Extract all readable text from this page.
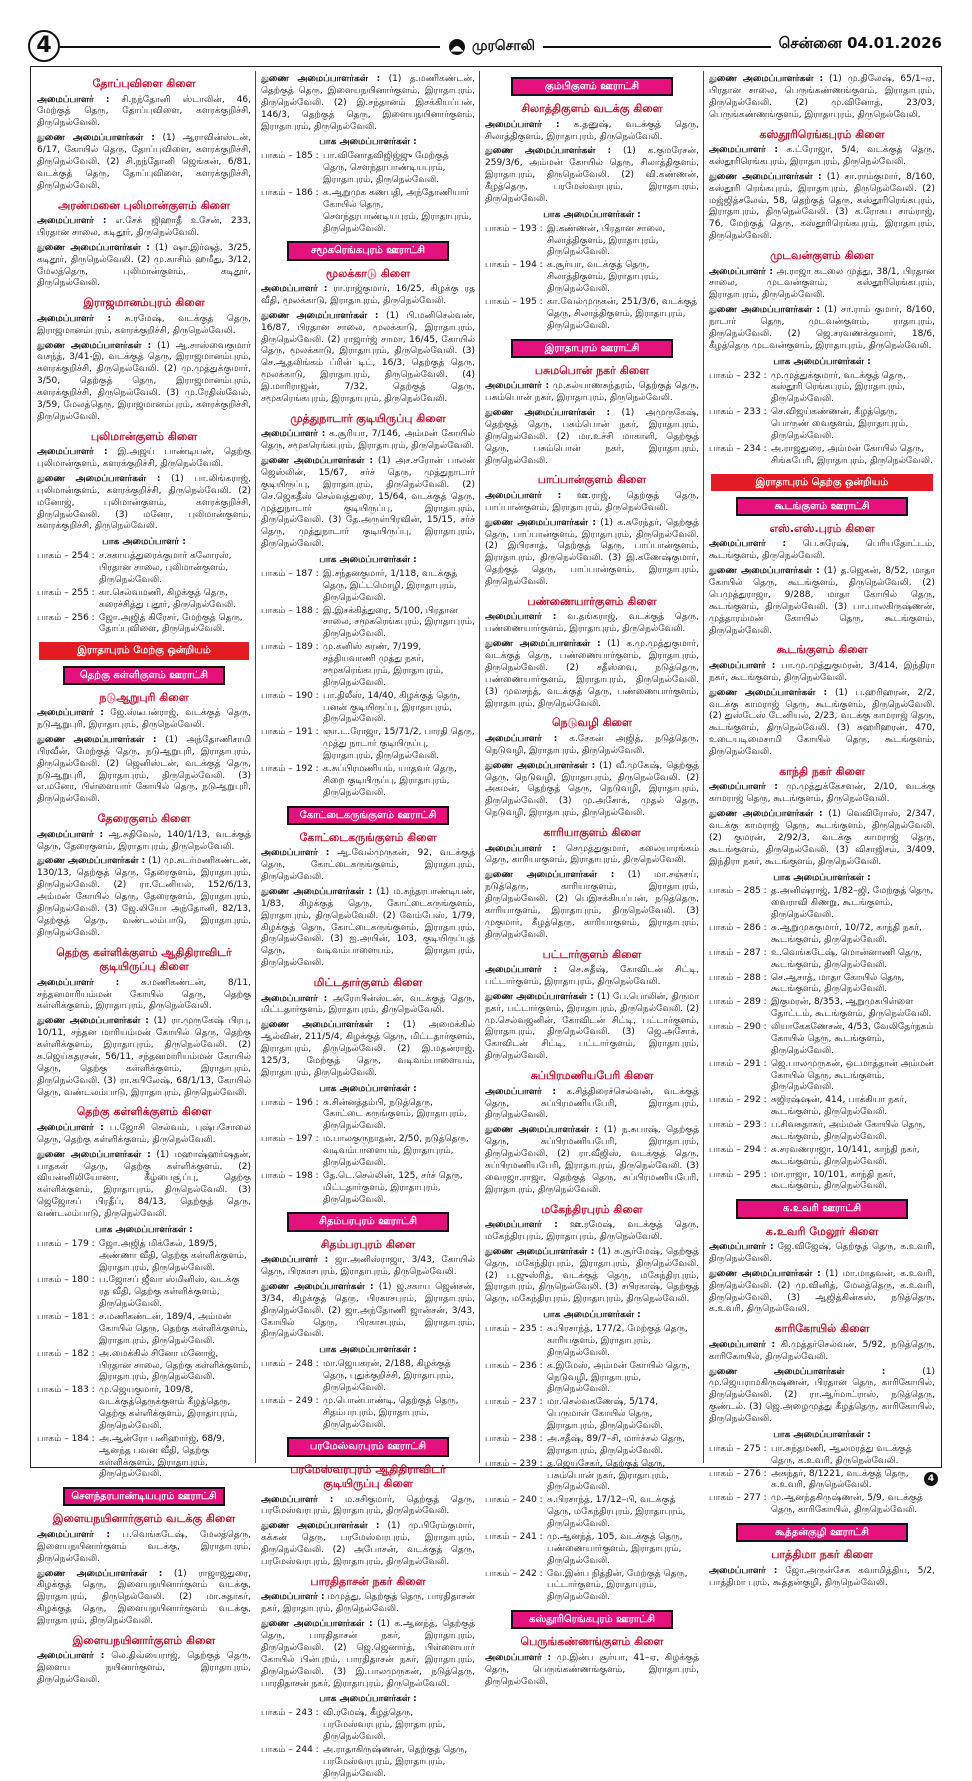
4	முரசொலி	சென்னை 04.01.2026
தோப்புவிளை கிளை

அமைப்பாளர் : சி.நந்தோனி ஸ்டாலின், 46, மேற்குத் தெரு, தோப்புவிளை, களரக்குறிச்சி, திருநெல்வேலி.

துணை அமைப்பாளர்கள் : (1) ஆராவின்ஸ்டன், 6/17, கோயில் தெரு, தோப்புவிளை, களரக்குறிச்சி, திருநெல்வேலி. (2) சி.நந்தோனி ஜெங்கன், 6/81, வடக்குத் தெரு, தோப்புவிளை, களரக்குறிச்சி, திருநெல்வேலி.

அரண்மனை புலிமான்குளம் கிளை

அமைப்பாளர் : எ.சேக் ஜிஹாதீ உசேன், 233, பிரதான சாலை, கடிதூர், திருநெல்வேலி.

துணை அமைப்பாளர்கள் : (1) ஷா.இர்ஷத், 3/25, கடிதூர், திருநெல்வேலி. (2) மு.காசிம் ஹமீது, 3/12, மேலத்தெரு, புலிமான்குளம், கடிதூர், திருநெல்வேலி.

இராஜமானம்புரம் கிளை

அமைப்பாளர் : சு.ரமேஷ், வடக்குத் தெரு, இராஜமானம்புரம், களரக்குறிச்சி, திருநெல்வேலி.

துணை அமைப்பாளர்கள் : (1) ஆ.சாஸ்வைகுமார் வசந்த், 3/41-இ, வடக்குத் தெரு, இராஜமானம்புரம், களரக்குறிச்சி, திருநெல்வேலி. (2) மு.முத்துக்குமார், 3/50, தெற்குத் தெரு, இராஜமானம்புரம், களரக்குறிச்சி, திருநெல்வேலி. (3) மு.ரேதிஸ்வேல், 3/59, மேலத்தெரு, இராஜமானம்புரம், களரக்குறிச்சி, திருநெல்வேலி.

புலிமான்குளம் கிளை

அமைப்பாளர் : இ.அஜய் பாண்டியன், தெற்கு புலிமான்குளம், களரக்குறிச்சி, திருநெல்வேலி.

துணை அமைப்பாளர்கள் : (1) பா.லிங்கராஜ், புலிமான்குளம், களரக்குறிச்சி, திருநெல்வேலி. (2) மனோஜ், புலிமான்குளம், களரக்குறிச்சி, திருநெல்வேலி. (3) மனோ, புலிமான்குளம், களரக்குறிச்சி, திருநெல்வேலி.

பாக அமைப்பாளர் :
பாகம் – 254 : ச.சகாயத்துரைக்குமார் கலோரஸ், பிரதான சாலை, புலிமான்குளம், திருநெல்வேலி.
பாகம் – 255 : கா.செல்வமணி, கிழக்குத் தெரு, கரைச்சித்து புதூர், திருநெல்வேலி.
பாகம் – 256 : ஜோ.அஜித் கிரேசர், மேற்குத் தெரு, தோப்புவிளை, திருநெல்வேலி.
இராதாபுரம் மேற்கு ஒன்றியம்
தெற்கு கள்ளிகுளம் ஊராட்சி
நடுஆறுபுரி கிளை

அமைப்பாளர் : ஜே.ஸ்டீபன்ராஜ், வடக்குத் தெரு, நடுஆறுபுரி, இராதாபுரம், திருநெல்வேலி.

துணை அமைப்பாளர்கள் : (1) அந்தோணிசாமி பிரவீன், மேற்குத் தெரு, நடுஆறுபுரி, இராதாபுரம், திருநெல்வேலி. (2) ஜெனிஸ்டன், வடக்குத் தெரு, நடுஆறுபுரி, இராதாபுரம், திருநெல்வேலி. (3) எ.மனோ, பிள்ளையார் கோயில் தெரு, நடுஆறுபுரி, திருநெல்வேலி.

தேரைகுளம் கிளை

அமைப்பாளர் : ஆ.சுதிவேல், 140/1/13, வடக்குத் தெரு, தேரைகுளம், இராதாபுரம், திருநெல்வேலி.

துணை அமைப்பாளர்கள் : (1) மு.சுடர்மணிகண்டன், 130/13, தெற்குத் தெரு, தேரைகுளம், இராதாபுரம், திருநெல்வேலி. (2) ரா.டேனியல், 152/6/13, அம்மன் கோயில் தெரு, தேரைகுளம், இராதாபுரம், திருநெல்வேலி. (3) ஜே.லியோ அந்தோனி, 82/13, தெற்குத் தெரு, வண்டலம்பாடு, இராதாபுரம், திருநெல்வேலி.

தெற்கு கள்ளிக்குளம் ஆதிதிராவிடர் குடியிருப்பு கிளை

அமைப்பாளர் : சு.மணிகண்டன், 8/11, சந்தனமாரியம்மன் கோயில் தெரு, தெற்கு கள்ளிக்குளம், இராதாபுரம், திருநெல்வேலி.

துணை அமைப்பாளர்கள் : (1) ரா.முருகேஷ் பிரபு, 10/11, சந்தன மாரியம்மன் கோயில் தெரு, தெற்கு கள்ளிக்குளம், இராதாபுரம், திருநெல்வேலி. (2) க.ஜெய்கதரசன், 56/11, சந்தனமாரியம்மன் கோயில் தெரு, தெற்கு கள்ளிக்குளம், இராதாபுரம், திருநெல்வேலி. (3) ரா.கபிலேஷ், 68/1/13, கோயில் தெரு, வண்டலம்பாடு, இராதாபுரம், திருநெல்வேலி.

தெற்கு கள்ளிக்குளம் கிளை

அமைப்பாளர் : ப.ஜோசி செல்வம், புஷ்பசோலை தெரு, தெற்கு கள்ளிக்குளம், திருநெல்வேலி.

துணை அமைப்பாளர்கள் : (1) மஹாஷ்ஹர்ஷதன், பாதகள் தெரு, தெற்கு கள்ளிக்குளம். (2) வியன்னிலியோனா, கீழ்பைசூ்ப்பு, தெற்கு கள்ளிக்குளம், இராதாபுரம், திருநெல்வேலி. (3) ஜெஜோசப் பிரதீப், 84/13, தெற்குத் தெரு, வண்டலம்பாடு, திருநெல்வேலி.

பாக அமைப்பாளர்கள் :
பாகம் – 179 : ஜோ.அஜித் மிக்கேல், 189/5, அண்ணா வீதி, தெற்கு கள்ளிக்குளம், இராதாபுரம், திருநெல்வேலி.
பாகம் – 180 : ப.ஜோசப் ஜீவா ஸ்மினிஸ், வடக்கு ரத வீதி, தெற்கு கள்ளிக்குளம், திருநெல்வேலி.
பாகம் – 181 : ச.மணிகண்டன், 189/4, அம்மன் கோயில் தெரு, தெற்கு கள்ளிக்குளம், இராதாபுரம், திருநெல்வேலி.
பாகம் – 182 : அ.மைக்கில் சினோ மனோஜ், பிரதான சாலை, தெற்கு கள்ளிக்குளம், இராதாபுரம், திருநெல்வேலி.
பாகம் – 183 : மு.ஜெயகுமார், 109/8, வடக்குத்தெருக்குளம் கீழத்தெரு, தெற்கு கள்ளிக்குளம், இராதாபுரம், திருநெல்வேலி.
பாகம் – 184 : அ.ஆன்ரோ பனிஹார்ஜ், 68/9, ஆனந்த பவன வீதி, தெற்கு கள்ளிக்குளம், இராதாபுரம், திருநெல்வேலி.
சௌந்தரபாண்டியபுரம் ஊராட்சி
இளையநயினார்குளம் வடக்கு கிளை

அமைப்பாளர் : ப.வெங்கடேஷ், மேலத்தெரு, இளையநயினார்குளம் வடக்கு, இராதாபுரம், திருநெல்வேலி.

துணை அமைப்பாளர்கள் : (1) ராஜாஜதுரை, கிழக்குத் தெரு, இளையநயினார்குளம் வடக்கு, இராதாபுரம், திருநெல்வேலி. (2) மா.சுதாகர், கிழக்குத் தெரு, இளையநயினார்குளம் வடக்கு, இராதாபுரம், திருநெல்வேலி.

இளையநயினார்குளம் கிளை

அமைப்பாளர் : லெ.திவ்யைராஜ், தெற்குத் தெரு, இளைய நயினார்குளம், இராதாபுரம், திருநெல்வேலி.

துணை அமைப்பாளர்கள் : (1) த.மணிகண்டன், தெற்குத் தெரு, இளையநயினார்குளம், இராதாபுரம், திருநெல்வேலி. (2) இ.சந்தானம் இசக்கியப்பன், 146/3, தெற்குத் தெரு, இளையநயினார்குளம், இராதாபுரம், திருநெல்வேலி.

பாக அமைப்பாளர்கள் :
பாகம் – 185 : பா.வினோதவிஜிஜ்ஜு மேற்குத் தெரு, சௌந்தரபாண்டியபுரம், இராதாபுரம், திருநெல்வேலி.
பாகம் – 186 : க.ஆறுமுக கணபதி, அந்தோணியார் கோயில் தெரு, சௌந்தரபாண்டியபுரம், இராதாபுரம், திருநெல்வேலி.
சமூகரெங்கபுரம் ஊராட்சி
மூலக்காடு கிளை

அமைப்பாளர் : ரா.ராஜ்குமார், 16/25, கிழக்கு ரத வீதி, மூலக்காடு, இராதாபுரம், திருநெல்வேலி.

துணை அமைப்பாளர்கள் : (1) பி.மனிசெல்வன், 16/87, பிரதான சாலை, மூலக்காடு, இராதாபுரம், திருநெல்வேலி. (2) ராஜார்ஜ் சாமா, 16/45, கோயில் தெரு, மூலக்காடு, இராதாபுரம், திருநெல்வேலி. (3) செ.ஆதலிங்கம் ப்ரின் டிட், 16/3, தெற்குத் தெரு, மூலக்காடு, இராதாபுரம், திருநெல்வேலி. (4) இ.மாரிராஜன், 7/32, தெற்குத் தெரு, சமூகரெங்கபுரம், இராதாபுரம், திருநெல்வேலி.

முத்துநாடார் குடியிருப்பு கிளை

அமைப்பாளர் : க.சூரியா, 7/146, அம்மன் கோயில் தெரு, சமூகரெங்கபுரம், இராதாபுரம், திருநெல்வேலி.

துணை அமைப்பாளர்கள் : (1) அச.சரோன் பாலன் ஜெஸ்லின், 15/67, சர்ச் தெரு, முத்துநாடார் குடியிருப்பு, இராதாபுரம், திருநெல்வேலி. (2) செ.ஜெகதீஸ் செல்வத்துரை, 15/64, வடக்குத் தெரு, முத்துநாடார் குடியிருப்பு, இராதாபுரம், திருநெல்வேலி. (3) தே.அருள்பிரவின், 15/15, சர்ச் தெரு, முத்துநாடார் குடியிருப்பு, இராதாபுரம், திருநெல்வேலி.

பாக அமைப்பாளர்கள் :
பாகம் – 187 : இ.சந்தனகுமார், 1/118, வடக்குத் தெரு, இட்டமொழி, இராதாபுரம், திருநெல்வேலி.
பாகம் – 188 : இ.இசக்கித்துரை, 5/100, பிரதான சாலை, சமூகரெங்கபுரம், இராதாபுரம், திருநெல்வேலி.
பாகம் – 189 : மு.கனிஸ் கரண், 7/199, சத்தியவாணி முத்து நகர், சமூகரெங்கபுரம், இராதாபுரம், திருநெல்வேலி.
பாகம் – 190 : பா.திலீஸ், 14/40, கிழக்குத் தெரு, பனன் குடியிருப்பு, இராதாபுரம், திருநெல்வேலி.
பாகம் – 191 : ஞா.ட.ரோஜா, 15/71/2, பாரதி தெரு, முத்து நாடார் குடியிருப்பு, இராதாபுரம், திருநெல்வேலி.
பாகம் – 192 : க.சுப்பிரமணியம், யாதவர் தெரு, சிறை குடியிருப்பு, இராதாபுரம், திருநெல்வேலி.
கோட்டைகருங்குளம் ஊராட்சி
கோட்டைகருங்குளம் கிளை

அமைப்பாளர் : ஆ.வேல்முருகன், 92, வடக்குத் தெரு, கோட்டைகருங்குளம், இராதாபுரம், திருநெல்வேலி.

துணை அமைப்பாளர்கள் : (1) ம.சுந்தரபாண்டியன், 1/83, கிழக்குத் தெரு, கோட்டைகருங்குளம், இராதாபுரம், திருநெல்வேலி. (2) வேம்பேஸ், 1/79, கிழக்குத் தெரு, கோட்டைகருங்குளம், இராதாபுரம், திருநெல்வேலி. (3) ஐ.அயின், 103, குடியிருப்புத் தெரு, வடிவம்பாளையம், இராதாபுரம், திருநெல்வேலி.

மிட்டதார்குளம் கிளை

அமைப்பாளர் : அரோபின்ஸ்டன், வடக்குத் தெரு, மிட்டதார்குளம், இராதாபுரம், திருநெல்வேலி.

துணை அமைப்பாளர்கள் : (1) அமைக்கில் ஆல்வின், 211/5/4, கிழக்குத் தெரு, மிட்டதார்குளம், இராதாபுரம், திருநெல்வேலி. (2) இ.மதன்ராஜ், 125/3, மேற்குத் தெரு, வடிவம்பாளையம், இராதாபுரம், திருநெல்வேலி.

பாக அமைப்பாளர்கள் :
பாகம் – 196 : சு.சின்னத்தம்பி, நடுத்தெரு, கோட்டை கருங்குளம், இராதாபுரம், திருநெல்வேலி.
பாகம் – 197 : ம.பாலகுருநாதன், 2/50, நடுத்தெரு, வடிவம்பாளையம், இராதாபுரம், திருநெல்வேலி.
பாகம் – 198 : தே.டெ.செல்லின், 125, சர்ச் தெரு, மிட்டதார்குளம், இராதாபுரம், திருநெல்வேலி.
சிதம்பரபுரம் ஊராட்சி
சிதம்பரபுரம் கிளை

அமைப்பாளர் : ஜா.அனிஸ்ராஜா, 3/43, கோயில் தெரு, பிரகாசபுரம், இராதாபுரம், திருநெல்வேலி.

துணை அமைப்பாளர்கள் : (1) ஜ.சகாய ஜென்சன், 3/34, கிழக்குத் தெரு, பிரகாசபுரம், இராதாபுரம், திருநெல்வேலி. (2) ஜா.அந்தோணி ஜான்சன், 3/43, கோயில் தெரு, பிரகாசபுரம், இராதாபுரம், திருநெல்வேலி.

பாக அமைப்பாளர்கள் :
பாகம் – 248 : மா.ஜெயகரன், 2/188, கிழக்குத் தெரு, புதுக்குறிச்சி, இராதாபுரம், திருநெல்வேலி.
பாகம் – 249 : மு.பொன்பாண்டி, தெற்குத் தெரு, சிதம்பரபுரம், இராதாபுரம், திருநெல்வேலி.
பரமேஸ்வரபுரம் ஊராட்சி
பரமேஸ்வரபுரம் ஆதிதிராவிடர் குடியிருப்பு கிளை

அமைப்பாளர் : ம.சசிகுமார், தெற்குத் தெரு, பரமேஸ்வரபுரம், இராதாபுரம், திருநெல்வேலி.

துணை அமைப்பாளர்கள் : (1) மு.பிரேம்குமார், கக்கன் தெரு, பரமேஸ்வரபுரம், இராதாபுரம், திருநெல்வேலி. (2) அபோசன், வடக்குத் தெரு, பரமேஸ்வரபுரம், இராதாபுரம், திருநெல்வேலி.

பாரதிதாசன் நகர் கிளை

அமைப்பாளர் : மமுத்து, தெற்குத் தெரு, பாரதிதாசன் நகர், இராதாபுரம், திருநெல்வேலி.

துணை அமைப்பாளர்கள் : (1) க.ஆனந்த், தெற்குத் தெரு, பாரதிதாசன் நகர், இராதாபுரம், திருநெல்வேலி. (2) ஜெ.ஜெனார்த், பிள்ளையார் கோயில் பின்புறம், பாரதிதாசன் நகர், இராதாபுரம், திருநெல்வேலி. (3) இ.பாலமுருகன், நடுத்தெரு, பாரதிதாசன் நகர், இராதாபுரம், திருநெல்வேலி.

பாக அமைப்பாளர்கள் :
பாகம் – 243 : வி.ரமேஷ், கீழத்தெரு, பரமேஸ்வரபுரம், இராதாபுரம், திருநெல்வேலி.
பாகம் – 244 : அ.ராதாகிருஷ்ணன், தெற்குத் தெரு, பரமேஸ்வரபுரம், இராதாபுரம், திருநெல்வேலி.
கும்பிகுளம் ஊராட்சி
சிலாத்திகுளம் வடக்கு கிளை

அமைப்பாளர் : க.தனுஷ், வடக்குத் தெரு, சிலாத்திகுளம், இராதாபுரம், திருநெல்வேலி.

துணை அமைப்பாளர்கள் : (1) க.குமரேசன், 259/3/6, அம்மன் கோயில் தெரு, சிலாத்திகுளம், இராதாபுரம், திருநெல்வேலி. (2) வி.கண்ணன், கீழத்தெரு, பரமேஸ்வரபுரம், இராதாபுரம், திருநெல்வேலி.

பாக அமைப்பாளர்கள் :
பாகம் – 193 : இ.கண்ணன், பிரதான சாலை, சிலாத்திகுளம், இராதாபுரம், திருநெல்வேலி.
பாகம் – 194 : க.சூர்யா, வடக்குத் தெரு, சிலாத்திகுளம், இராதாபுரம், திருநெல்வேலி.
பாகம் – 195 : கா.வேல்முருகன், 251/3/6, வடக்குத் தெரு, சிலாத்திகுளம், இராதாபுரம், திருநெல்வேலி.
இராதாபுரம் ஊராட்சி
பசுமபொன் நகர் கிளை

அமைப்பாளர் : மு.கல்யாணசுந்தரம், தெற்குத் தெரு, பசும்பொன் நகர், இராதாபுரம், திருநெல்வேலி.

துணை அமைப்பாளர்கள் : (1) அமுருகேஷ், தெற்குத் தெரு, பசும்பொன் நகர், இராதாபுரம், திருநெல்வேலி. (2) மா.உச்சி மாகாளி, தெற்குத் தெரு, பசும்பொன் நகர், இராதாபுரம், திருநெல்வேலி.

பாப்பான்குளம் கிளை

அமைப்பாளர் : ஊ.ராஜ், தெற்குத் தெரு, பாப்பான்குளம், இராதாபுரம், திருநெல்வேலி.

துணை அமைப்பாளர்கள் : (1) க.சுரேந்தர், தெற்குத் தெரு, பாப்பான்குளம், இராதாபுரம், திருநெல்வேலி. (2) இபிரசாத், தெற்குத் தெரு, பாப்பான்குளம், இராதாபுரம், திருநெல்வேலி. (3) இ.கணேஷ்குமார், தெற்குத் தெரு, பாப்பான்குளம், இராதாபுரம், திருநெல்வேலி.

பண்ணையார்குளம் கிளை

அமைப்பாளர் : வ.தங்கராஜ், வடக்குத் தெரு, பண்ணையார்குளம், இராதாபுரம், திருநெல்வேலி.

துணை அமைப்பாளர்கள் : (1) க.மு.முத்துகுமார், வடக்குத் தெரு, பண்ணையார்குளம், இராதாபுரம், திருநெல்வேலி. (2) சதீஸ்வை, நடுத்தெரு, பண்ணையார்குளம், இராதாபுரம், திருநெல்வேலி. (3) முவசந்த், வடக்குத் தெரு, பண்ணையார்குளம், இராதாபுரம், திருநெல்வேலி.

நெடுவழி கிளை

அமைப்பாளர் : க.சேகன் அஜித், நடுத்தெரு, நெடுவழி, இராதாபுரம், திருநெல்வேலி.

துணை அமைப்பாளர்கள் : (1) வீ.முகேஷ், தெற்குத் தெரு, நெடுவழி, இராதாபுரம், திருநெல்வேலி. (2) அகமன், தெற்குத் தெரு, நெடுவழி, இராதாபுரம், திருநெல்வேலி. (3) மு.அசோக், முதல் தெரு, நெடுவழி, இராதாபுரம், திருநெல்வேலி.

காரியாகுளம் கிளை

அமைப்பாளர் : செமுத்துகுமார், கலையாரங்கம் தெரு, காரியாகுளம், இராதாபுரம், திருநெல்வேலி.

துணை அமைப்பாளர்கள் : (1) மா.சஞ்சய், நடுத்தெரு, காரியாகுளம், இராதாபுரம், திருநெல்வேலி. (2) பெஇசக்கியப்பன், நடுத்தெரு, காரியாகுளம், இராதாபுரம், திருநெல்வேலி. (3) முகுமார், கீழத்தெரு, காரியாகுளம், இராதாபுரம், திருநெல்வேலி.

பட்டார்குளம் கிளை

அமைப்பாளர் : செ.சுதீஷ், கோவிடன் சிட்டி, பட்டார்குளம், இராதாபுரம், திருநெல்வேலி.

துணை அமைப்பாளர்கள் : (1) பே.பொலின், திருமா நகர், பட்டார்குளம், இராதாபுரம், திருநெல்வேலி. (2) மு.செல்வஜனின், கோவிடன் சிட்டி, பட்டார்குளம், இராதாபுரம், திருநெல்வேலி. (3) ஜெ.அசோக், கோவிடன் சிட்டி, பட்டார்குளம், இராதாபுரம், திருநெல்வேலி.

சுப்பிரமணியபேரி கிளை

அமைப்பாளர் : க.சித்திரைச்செல்வன், வடக்குத் தெரு, சுப்பிரமணியபேரி, இராதாபுரம், திருநெல்வேலி.

துணை அமைப்பாளர்கள் : (1) ந.சுபாஷ், தெற்குத் தெரு, சுப்பிரமணியபேரி, இராதாபுரம், திருநெல்வேலி. (2) ரா.வீஜிஸ், வடக்குத் தெரு, சுப்பிரமணியபேரி, இராதாபுரம், திருநெல்வேலி. (3) வைரஜா.ராஜா, தெற்குத் தெரு, சுப்பிரமணியபேரி, இராதாபுரம், திருநெல்வேலி.

மகேந்திரபுரம் கிளை

அமைப்பாளர் : ஊ.ரமேஷ், வடக்குத் தெரு, மகேந்திரபுரம், இராதாபுரம், திருநெல்வேலி.

துணை அமைப்பாளர்கள் : (1) சு.சூர்மேஷ், தெற்குத் தெரு, மகேந்திரபுரம், இராதாபுரம், திருநெல்வேலி. (2) ப.ஜுஸ்ரித், வடக்குத் தெரு, மகேந்திரபுரம், இராதாபுரம், திருநெல்வேலி. (3) சபிரகாஷ், தெற்குத் தெரு, மகேந்திரபுரம், இராதாபுரம், திருநெல்வேலி.

பாக அமைப்பாளர்கள் :
பாகம் – 235 : சு.பிரசாந்த், 177/2, மேற்குத் தெரு, காரியகுளம், இராதாபுரம், திருநெல்வேலி.
பாகம் – 236 : க.இமேஸ், அம்மன் கோயில் தெரு, நெடுவழி, இராதாபுரம், திருநெல்வேலி.
பாகம் – 237 : மா.செல்வகணேஷ், 5/174, பெருமாள் கோயில் தெரு, இராதாபுரம், திருநெல்வேலி.
பாகம் – 238 : அ.சதீஷ், 89/7–சி, மார்ச்சல் தெரு, இராதாபுரம், திருநெல்வேலி.
பாகம் – 239 : த.ஜெயசேகர், தெற்குத் தெரு, பசும்பொன் நகர், இராதாபுரம், திருநெல்வேலி.
பாகம் – 240 : சு.பிரசாந்த், 17/12–பி, வடக்குத் தெரு, மகேந்திரபுரம், இராதாபுரம், திருநெல்வேலி.
பாகம் – 241 : மு.ஆனந்த், 105, வடக்குத் தெரு, பண்ணையார்குளம், இராதாபுரம், திருநெல்வேலி.
பாகம் – 242 : வே.இன்ப நித்தின், மேற்குத் தெரு, பட்டார்குளம், இராதாபுரம், திருநெல்வேலி.
கஸ்தூரிரெங்கபுரம் ஊராட்சி
பெருங்கண்ணங்குளம் கிளை

அமைப்பாளர் : மு.இன்ப சூர்யா, 41–ஏ, கிழக்குத் தெரு, பெருங்கண்ணங்குளம், இராதாபுரம், திருநெல்வேலி.

துணை அமைப்பாளர்கள் : (1) மு.திலேஷ், 65/1–ஏ, பிரதான சாலை, பெருங்கண்ணங்குளம், இராதாபுரம், திருநெல்வேலி. (2) மு.வினோத், 23/03, பெருங்கண்ணங்குளம், இராதாபுரம், திருநெல்வேலி.

கஸ்தூரிரெங்கபுரம் கிளை

அமைப்பாளர் : க.ட்ரோஜா, 5/4, வடக்குத் தெரு, கஸ்தூரிரெங்கபுரம், இராதாபுரம், திருநெல்வேலி.

துணை அமைப்பாளர்கள் : (1) சா.ராம்குமார், 8/160, கஸ்தூரி ரெங்கபுரம், இராதாபுரம், திருநெல்வேலி. (2) மஜ்ஜித்சலேவ், 58, தெற்குத் தெரு, கஸ்தூரிரெங்கபுரம், இராதாபுரம், திருநெல்வேலி. (3) க.ரோசுப சாம்ராஜ், 76, மேற்குத் தெரு, கஸ்தூரிரெங்கபுரம், இராதாபுரம், திருநெல்வேலி.

முடவன்குளம் கிளை

அமைப்பாளர் : அ.ராஜா கடலை முத்து, 38/1, பிரதான சாலை, முடவன்குளம், கஸ்தூரிரெங்கபுரம், இராதாபுரம், திருநெல்வேலி.

துணை அமைப்பாளர்கள் : (1) சா.ராம் குமார், 8/160, நாடார் தெரு, முடவன்குளம், ராதாபுரம், திருநெல்வேலி. (2) ஜெ.சரவணக்குமார், 18/6, கீழத்தெரு முடவன்குளம், இராதாபுரம், திருநெல்வேலி.

பாக அமைப்பாளர்கள் :
பாகம் – 232 : மு.முத்துக்குமார், வடக்குத் தெரு, கஸ்தூரி ரெங்கபுரம், இராதாபுரம், திருநெல்வேலி.
பாகம் – 233 : செ.விஜய்கண்ணன், கீழத்தெரு, பொருண் வைகுளம், இராதாபுரம், திருநெல்வேலி.
பாகம் – 234 : அ.ராஜதுரை, அம்மன் கோயில் தெரு, சிங்கபேரி, இராதாபுரம், திருநெல்வேலி.
இராதாபுரம் தெற்கு ஒன்றியம்
கூடங்குளம் ஊராட்சி
எஸ்.எஸ்.புரம் கிளை

அமைப்பாளர் : பெ.சுரேஷ், பெரியதோட்டம், கூடங்குளம், திருநெல்வேலி.

துணை அமைப்பாளர்கள் : (1) த.ஜெகன், 8/52, மாதா கோயில் தெரு, கூடங்குளம், திருநெல்வேலி. (2) பெமுத்துராஜா, 9/288, மாதா கோயில் தெரு, கூடங்குளம், திருநெல்வேலி. (3) பா.பாலகிருஷ்ணன், முத்தாரம்மன் கோயில் தெரு, கூடங்குளம், திருநெல்வேலி.

கூடங்குளம் கிளை

அமைப்பாளர் : பா.மு.முத்துகுமரன், 3/414, இந்திரா நகர், கூடங்குளம், திருநெல்வேலி.

துணை அமைப்பாளர்கள் : (1) ப.ஹரிஹரன், 2/2, வடக்கு காமராஜ் தெரு, கூடங்குளம், திருநெல்வேலி. (2) துஸ்டேஸ் டேனியல், 2/23, வடக்கு காமராஜ் தெரு, கூடங்குளம், திருநெல்வேலி. (3) சுஹரிஹரன், 470, உடையடிமைசாமி கோயில் தெரு, கூடங்குளம், திருநெல்வேலி.

காந்தி நகர் கிளை

அமைப்பாளர் : மு.முத்துக்கேசவன், 2/10, வடக்கு காமராஜ் தெரு, கூடங்குளம், திருநெல்வேலி.

துணை அமைப்பாளர்கள் : (1) வெவிரோஸ், 2/347, வடக்கு காமராஜ் தெரு, கூடங்குளம், திருநெல்வேலி. (2) குமரன், 2/92/3, வடக்கு காமராஜ் தெரு, கூடங்குளம், திருநெல்வேலி. (3) விசாஜிசம், 3/409, இந்திரா நகர், கூடங்குளம், திருநெல்வேலி.

பாக அமைப்பாளர்கள் :
பாகம் – 285 : த.அனிஷ்ராஜ், 1/82–ஜி, மேற்குத் தெரு, வைராவி கிணறு, கூடங்குளம், திருநெல்வேலி.
பாகம் – 286 : சு.ஆறுமுககுமார், 10/72, காந்தி நகர், கூடங்குளம், திருநெல்வேலி.
பாகம் – 287 : உ.வெங்கடேஷ், மொன்னாணி தெரு, கூடங்குளம், திருநெல்வேலி.
பாகம் – 288 : செ.ஆசாத், மாதா கோயில் தெரு, கூடங்குளம், திருநெல்வேலி.
பாகம் – 289 : இகுமரன், 8/353, ஆறுமுகபிள்ளை தோட்டம், கூடங்குளம், திருநெல்வேலி.
பாகம் – 290 : லியாகேகணேசன், 4/53, வேலிதேர்நகம் கோயில் தெரு, கூடங்குளம், திருநெல்வேலி.
பாகம் – 291 : ஜெ.பாலமுருகன், ஒடமாத்தான் அம்மன் கோயில் தெரு, கூடங்குளம், திருநெல்வேலி.
பாகம் – 292 : சுஜிரஷ்ஷன், 414, பாக்கியா நகர், கூடங்குளம், திருநெல்வேலி.
பாகம் – 293 : ப.சிவசுதாகர், அம்மன் கோயில் தெரு, கூடங்குளம், திருநெல்வேலி.
பாகம் – 294 : சு.சரவணராஜா, 10/141, காந்தி நகர், கூடங்குளம், திருநெல்வேலி.
பாகம் – 295 : மா.ராஜா, 10/101, காந்தி நகர், கூடங்குளம், திருநெல்வேலி.
க.உவரி ஊராட்சி
க.உவரி மேலூர் கிளை

அமைப்பாளர் : ஜே.விஜேஷ், தெற்குத் தெரு, க.உவரி, திருநெல்வேலி.

துணை அமைப்பாளர்கள் : (1) மா.மாதவன், க.உவரி, திருநெல்வேலி. (2) மு.வினித், மேலத்தெரு, க.உவரி, திருநெல்வேலி. (3) ஆஜித்கின்கஸ், நடுத்தெரு, க.உவரி, திருநெல்வேலி.

காரிகோயில் கிளை

அமைப்பாளர் : கி.முத்தர்செல்வன், 5/92, நடுத்தெரு, காரிகோயில், திருநெல்வேலி.

துணை அமைப்பாளர்கள் :	(1) மு.ஜெயராமகிருஷ்ணன், பிரதான தெரு, காரிகோயில், திருநெல்வேலி. (2) ரா.ஆர்மாட்ராஸ், நடுத்தெரு, குண்டல். (3) ஜெ.அழைமுத்து கீழத்தெரு, காரிகோயில், திருநெல்வேலி.

பாக அமைப்பாளர்கள் :
பாகம் – 275 : பா.சுந்தமணி, ஆலமரத்து வடக்குத் தெரு, க.உவரி, திருநெல்வேலி.
பாகம் – 276 : அசுந்தர், 8/1221, வடக்குத் தெரு, க.உவரி, திருநெல்வேலி.
பாகம் – 277 : மு.ஆனந்தகிருஷ்ணன், 5/9, வடக்குத் தெரு, காரிகோயில், திருநெல்வேலி.
கூத்தன்குழி ஊராட்சி
பாத்திமா நகர் கிளை

அமைப்பாளர் : ஜோ.அருள்சேக கவாமித்திய, 5/2, பாத்திமா புரம், கூத்தன்குழி, திருநெல்வேலி.

4
